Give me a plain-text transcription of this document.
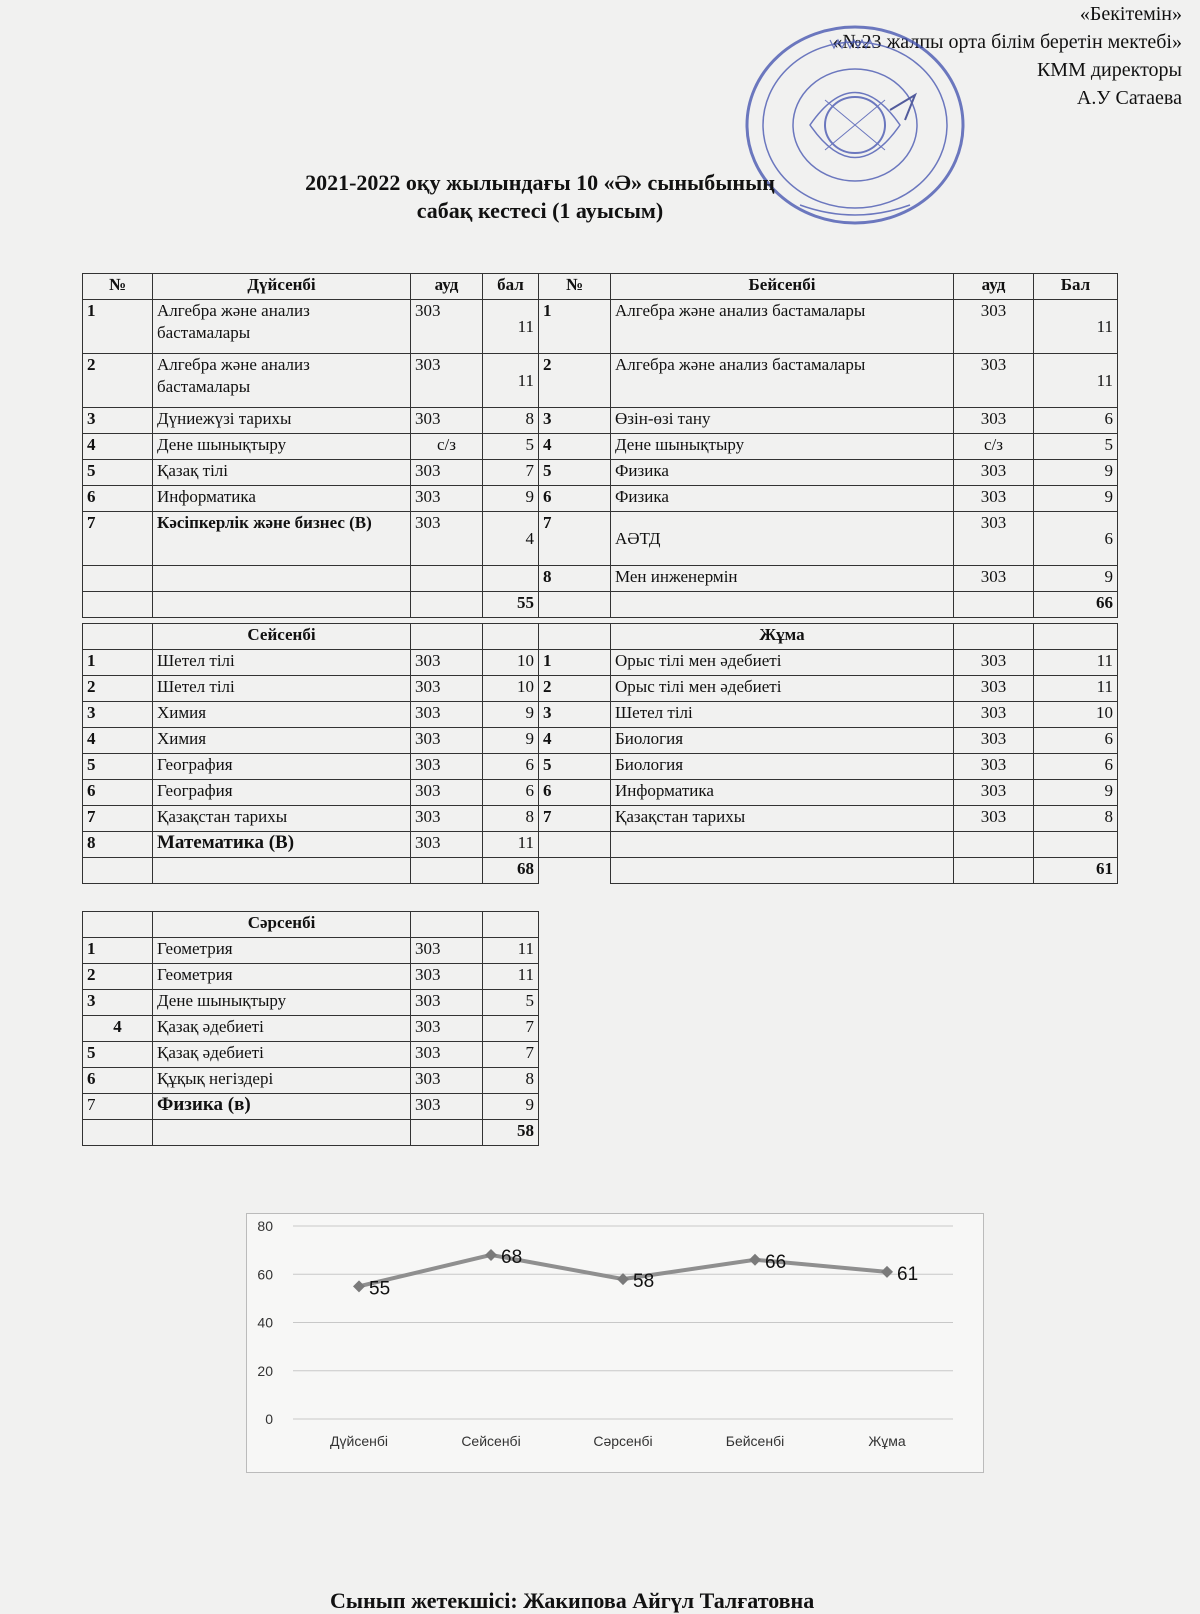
«Бекітемін»
«№23 жалпы орта білім беретін мектебі»
КММ директоры
А.У Сатаева
2021-2022 оқу жылындағы 10 «Ә» сыныбының
сабақ кестесі (1 ауысым)
№	Дүйсенбі	ауд	бал	№	Бейсенбі	ауд	Бал
1	Алгебра және анализ бастамалары	303	11	1	Алгебра және анализ бастамалары	303	11
2	Алгебра және анализ бастамалары	303	11	2	Алгебра және анализ бастамалары	303	11
3	Дүниежүзі тарихы	303	8	3	Өзін-өзі тану	303	6
4	Дене шынықтыру	с/з	5	4	Дене шынықтыру	с/з	5
5	Қазақ тілі	303	7	5	Физика	303	9
6	Информатика	303	9	6	Физика	303	9
7	Кәсіпкерлік және бизнес (В)	303	4	7	АӘТД	303	6
				8	Мен инженермін	303	9
			55				66
	Сейсенбі				Жұма		
1	Шетел тілі	303	10	1	Орыс тілі мен әдебиеті	303	11
2	Шетел тілі	303	10	2	Орыс тілі мен әдебиеті	303	11
3	Химия	303	9	3	Шетел тілі	303	10
4	Химия	303	9	4	Биология	303	6
5	География	303	6	5	Биология	303	6
6	География	303	6	6	Информатика	303	9
7	Қазақстан тарихы	303	8	7	Қазақстан тарихы	303	8
8	Математика (В)	303	11				
			68				61
	Сәрсенбі		
1	Геометрия	303	11
2	Геометрия	303	11
3	Дене шынықтыру	303	5
4	Қазақ әдебиеті	303	7
5	Қазақ әдебиеті	303	7
6	Құқық негіздері	303	8
7	Физика (в)	303	9
			58
80
60
40
20
0
Дүйсенбі	Сейсенбі	Сәрсенбі	Бейсенбі	Жұма
55
68
58
66
61
Сынып жетекшісі: Жакипова Айгүл Талғатовна
